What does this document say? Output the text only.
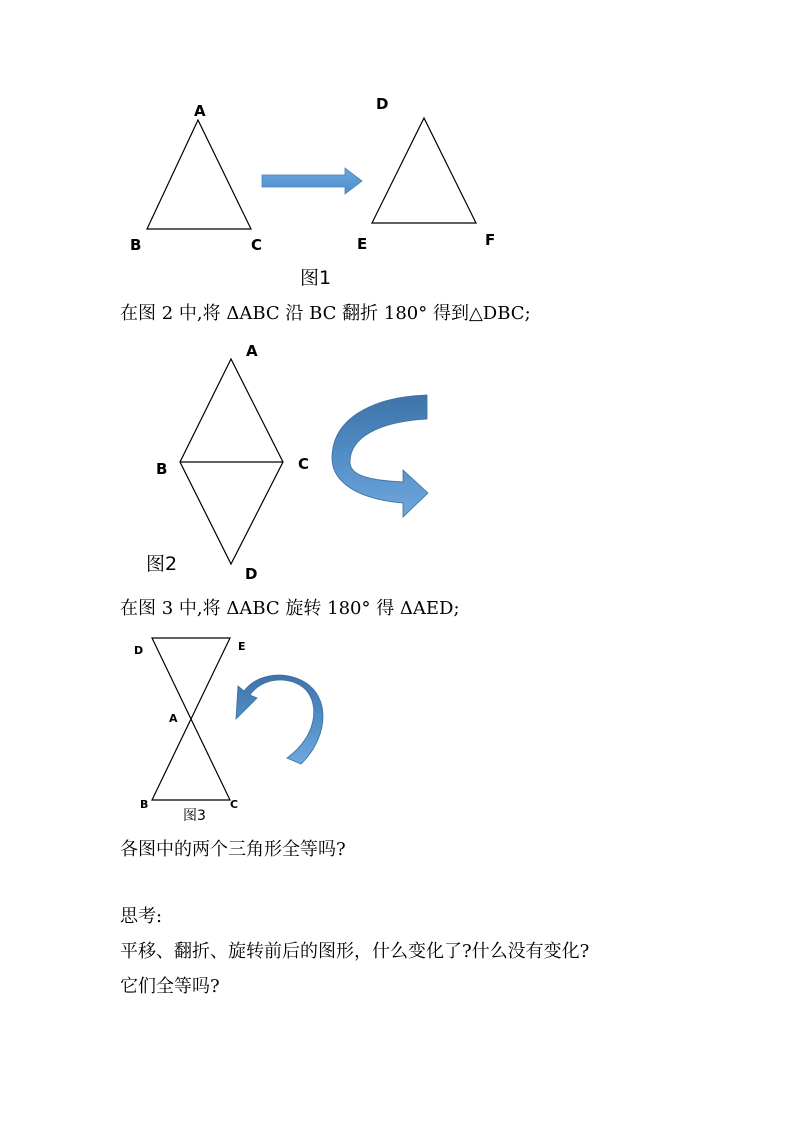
A
B	C
D
E	F
图1
A
B	C
D
图2
D	E
A
B	C
图3
在图 2 中,将 ΔABC 沿 BC 翻折 180° 得到△DBC;
在图 3 中,将 ΔABC 旋转 180° 得 ΔAED;
各图中的两个三角形全等吗?
思考:
平移、翻折、旋转前后的图形，什么变化了?什么没有变化?
它们全等吗?
